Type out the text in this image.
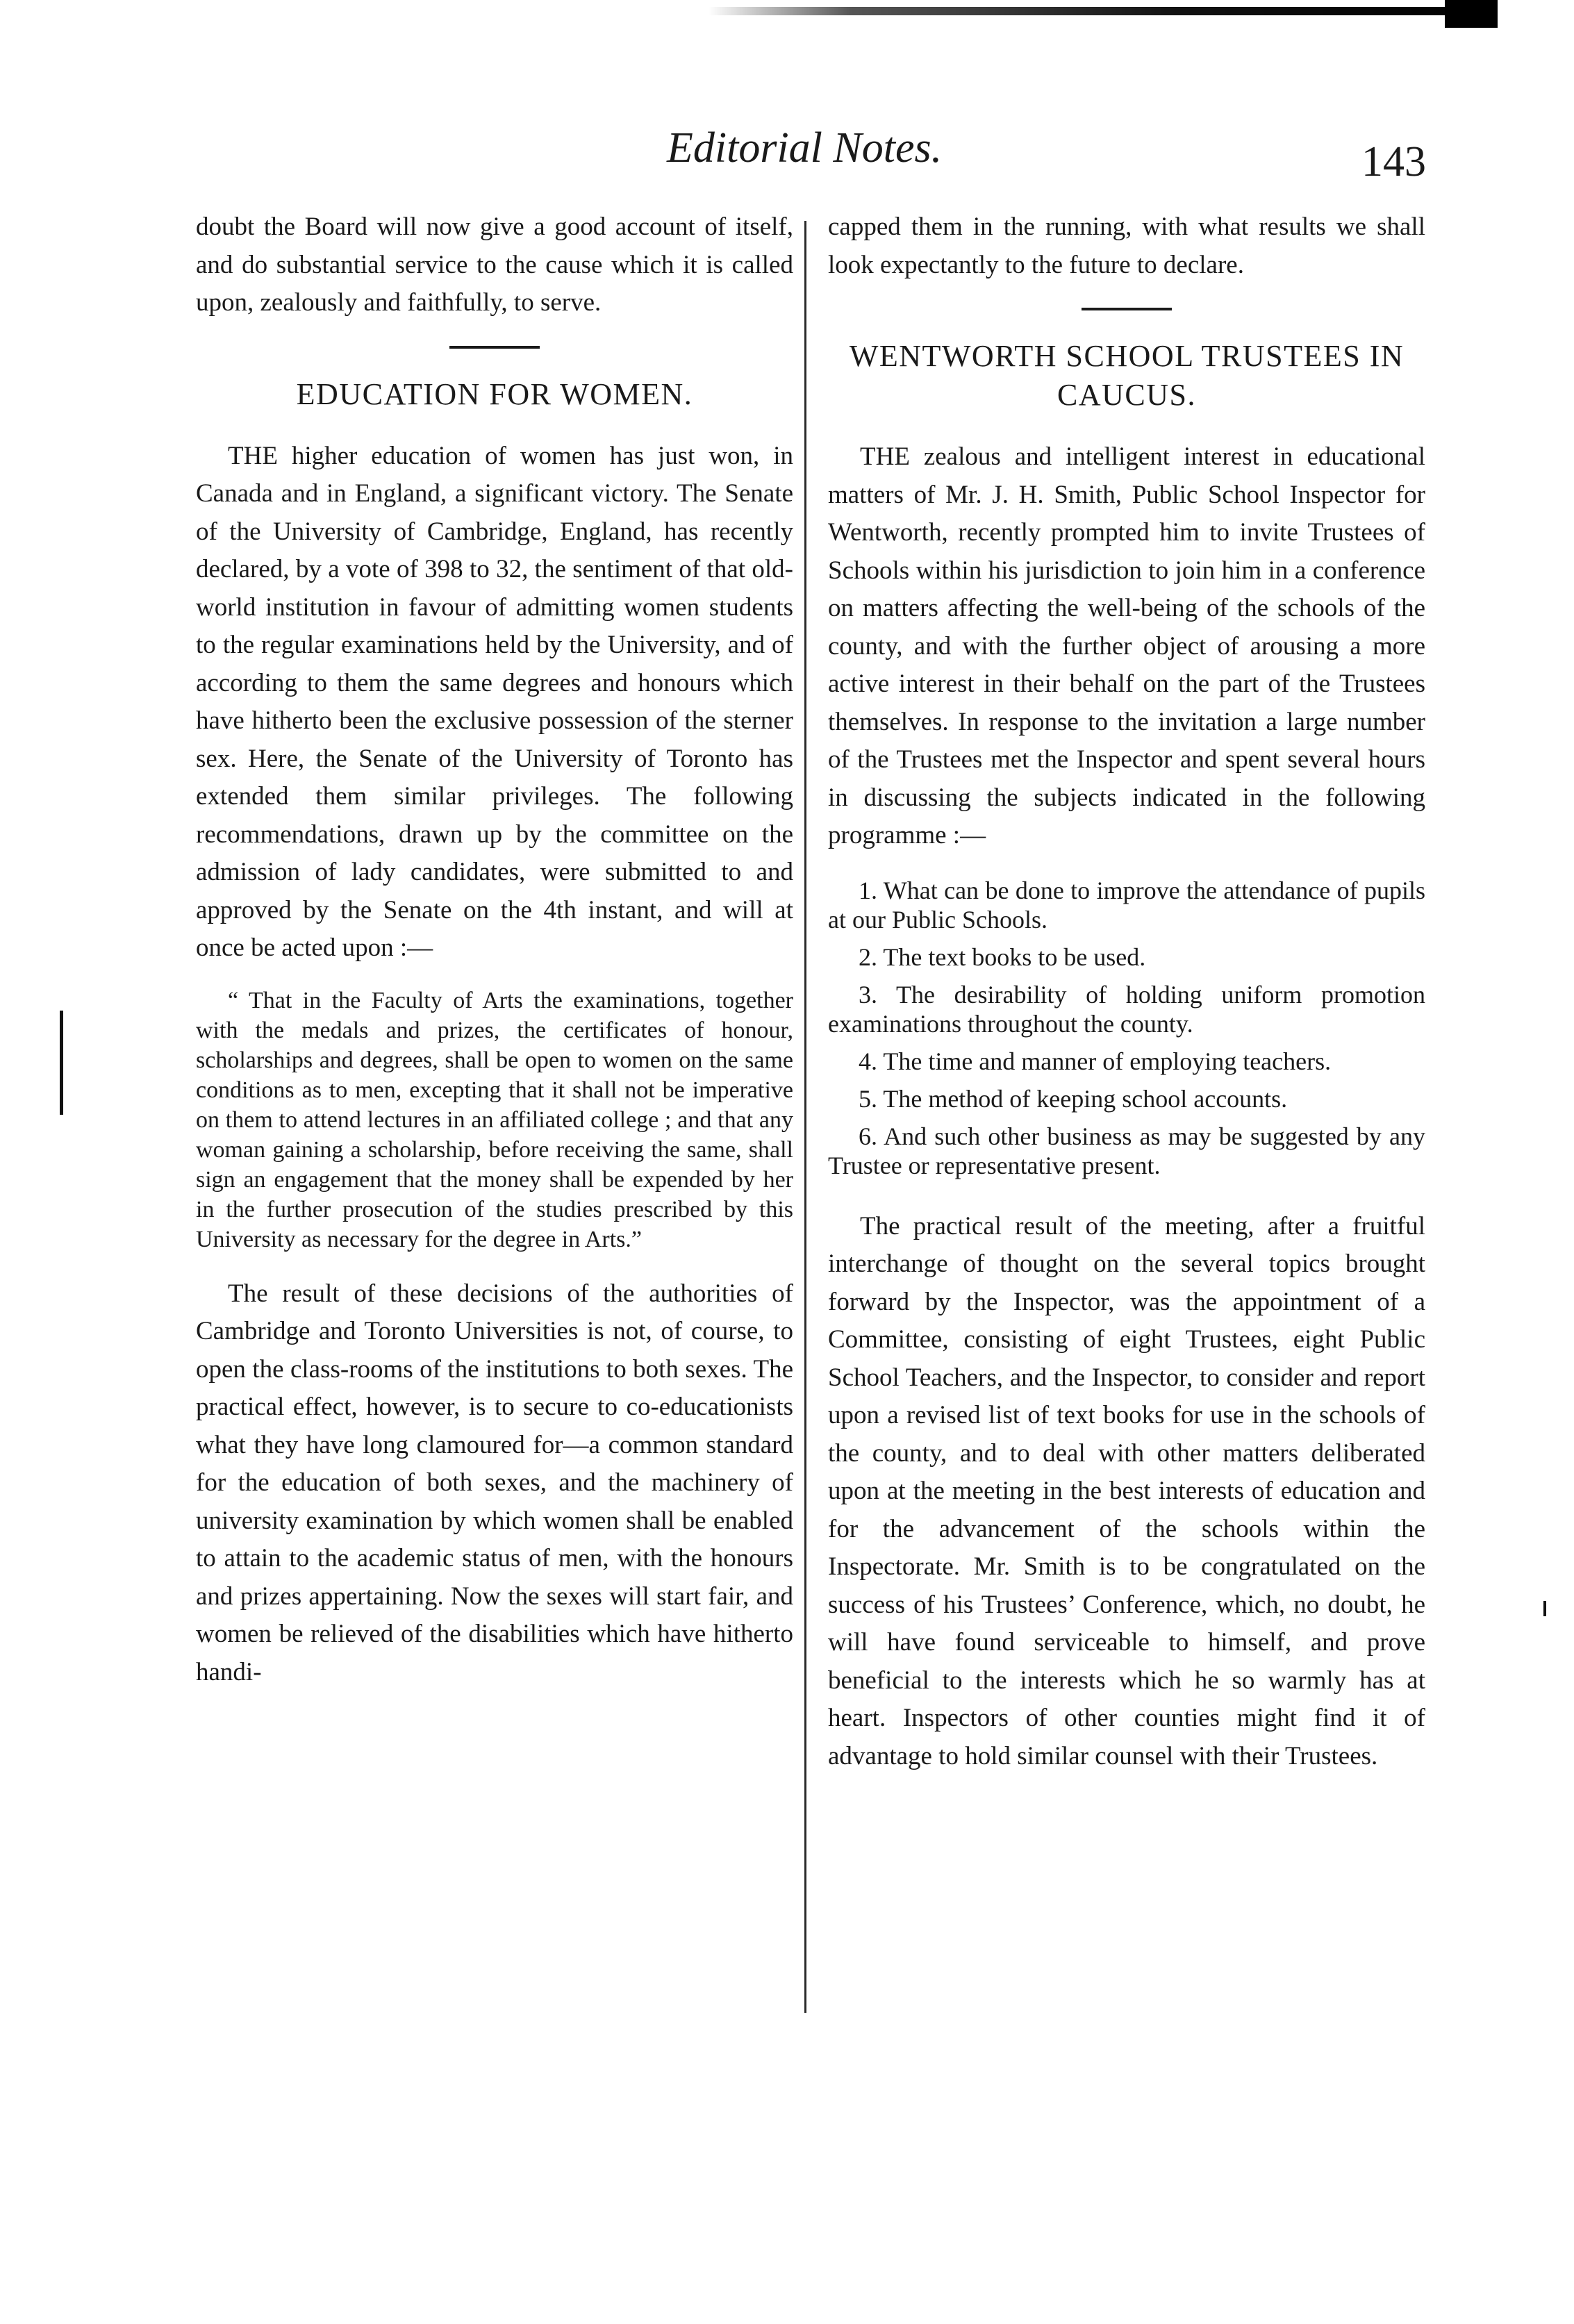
Editorial Notes.	143

doubt the Board will now give a good account of itself, and do substantial service to the cause which it is called upon, zealously and faithfully, to serve.

EDUCATION FOR WOMEN.

THE higher education of women has just won, in Canada and in England, a significant victory. The Senate of the University of Cambridge, England, has recently declared, by a vote of 398 to 32, the sentiment of that old-world institution in favour of admitting women students to the regular examinations held by the University, and of according to them the same degrees and honours which have hitherto been the exclusive possession of the sterner sex. Here, the Senate of the University of Toronto has extended them similar privileges. The following recommendations, drawn up by the committee on the admission of lady candidates, were submitted to and approved by the Senate on the 4th instant, and will at once be acted upon :—

“ That in the Faculty of Arts the examinations, together with the medals and prizes, the certificates of honour, scholarships and degrees, shall be open to women on the same conditions as to men, excepting that it shall not be imperative on them to attend lectures in an affiliated college ; and that any woman gaining a scholarship, before receiving the same, shall sign an engagement that the money shall be expended by her in the further prosecution of the studies prescribed by this University as necessary for the degree in Arts.”

The result of these decisions of the authorities of Cambridge and Toronto Universities is not, of course, to open the class-rooms of the institutions to both sexes. The practical effect, however, is to secure to co-educationists what they have long clamoured for—a common standard for the education of both sexes, and the machinery of university examination by which women shall be enabled to attain to the academic status of men, with the honours and prizes appertaining. Now the sexes will start fair, and women be relieved of the disabilities which have hitherto handi-

capped them in the running, with what results we shall look expectantly to the future to declare.

WENTWORTH SCHOOL TRUSTEES IN CAUCUS.

THE zealous and intelligent interest in educational matters of Mr. J. H. Smith, Public School Inspector for Wentworth, recently prompted him to invite Trustees of Schools within his jurisdiction to join him in a conference on matters affecting the well-being of the schools of the county, and with the further object of arousing a more active interest in their behalf on the part of the Trustees themselves. In response to the invitation a large number of the Trustees met the Inspector and spent several hours in discussing the subjects indicated in the following programme :—

1. What can be done to improve the attendance of pupils at our Public Schools.

2. The text books to be used.

3. The desirability of holding uniform promotion examinations throughout the county.

4. The time and manner of employing teachers.

5. The method of keeping school accounts.

6. And such other business as may be suggested by any Trustee or representative present.

The practical result of the meeting, after a fruitful interchange of thought on the several topics brought forward by the Inspector, was the appointment of a Committee, consisting of eight Trustees, eight Public School Teachers, and the Inspector, to consider and report upon a revised list of text books for use in the schools of the county, and to deal with other matters deliberated upon at the meeting in the best interests of education and for the advancement of the schools within the Inspectorate. Mr. Smith is to be congratulated on the success of his Trustees’ Conference, which, no doubt, he will have found serviceable to himself, and prove beneficial to the interests which he so warmly has at heart. Inspectors of other counties might find it of advantage to hold similar counsel with their Trustees.
